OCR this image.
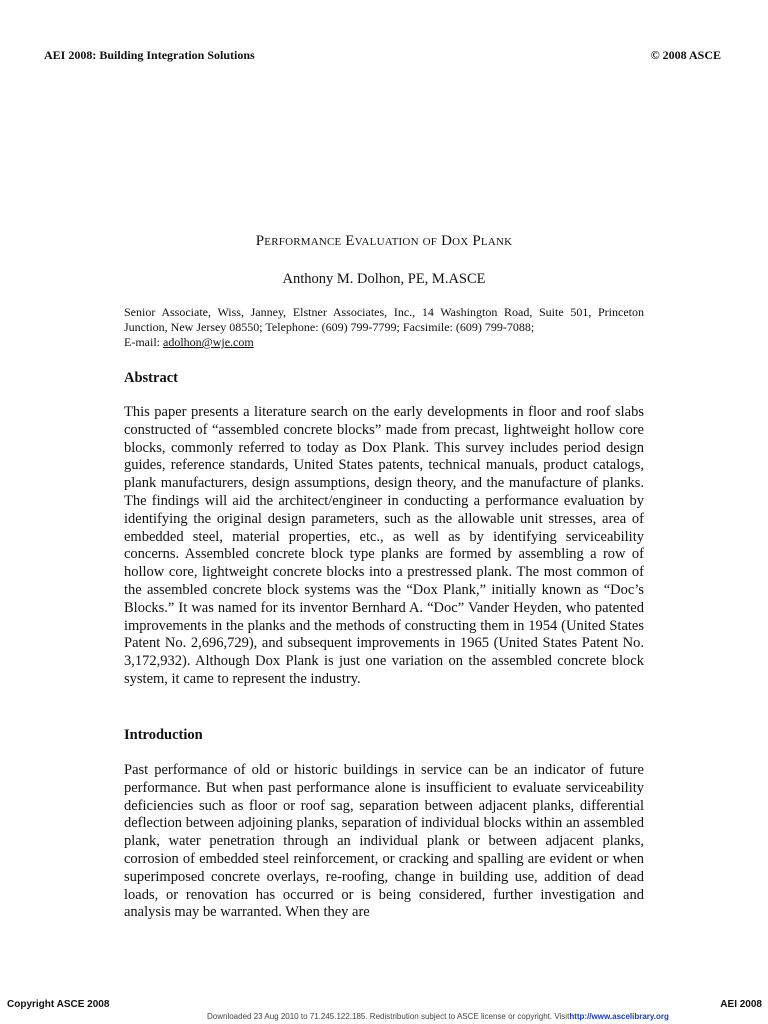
AEI 2008: Building Integration Solutions	© 2008 ASCE
Performance Evaluation of Dox Plank
Anthony M. Dolhon, PE, M.ASCE
Senior Associate, Wiss, Janney, Elstner Associates, Inc., 14 Washington Road, Suite 501, Princeton Junction, New Jersey 08550; Telephone: (609) 799-7799; Facsimile: (609) 799-7088;
E-mail: adolhon@wje.com
Abstract
This paper presents a literature search on the early developments in floor and roof slabs constructed of “assembled concrete blocks” made from precast, lightweight hollow core blocks, commonly referred to today as Dox Plank. This survey includes period design guides, reference standards, United States patents, technical manuals, product catalogs, plank manufacturers, design assumptions, design theory, and the manufacture of planks. The findings will aid the architect/engineer in conducting a performance evaluation by identifying the original design parameters, such as the allowable unit stresses, area of embedded steel, material properties, etc., as well as by identifying serviceability concerns. Assembled concrete block type planks are formed by assembling a row of hollow core, lightweight concrete blocks into a prestressed plank. The most common of the assembled concrete block systems was the “Dox Plank,” initially known as “Doc’s Blocks.” It was named for its inventor Bernhard A. “Doc” Vander Heyden, who patented improvements in the planks and the methods of constructing them in 1954 (United States Patent No. 2,696,729), and subsequent improvements in 1965 (United States Patent No. 3,172,932). Although Dox Plank is just one variation on the assembled concrete block system, it came to represent the industry.
Introduction
Past performance of old or historic buildings in service can be an indicator of future performance. But when past performance alone is insufficient to evaluate serviceability deficiencies such as floor or roof sag, separation between adjacent planks, differential deflection between adjoining planks, separation of individual blocks within an assembled plank, water penetration through an individual plank or between adjacent planks, corrosion of embedded steel reinforcement, or cracking and spalling are evident or when superimposed concrete overlays, re-roofing, change in building use, addition of dead loads, or renovation has occurred or is being considered, further investigation and analysis may be warranted. When they are
Copyright ASCE 2008	AEI 2008
Downloaded 23 Aug 2010 to 71.245.122.185. Redistribution subject to ASCE license or copyright. Visithttp://www.ascelibrary.org
